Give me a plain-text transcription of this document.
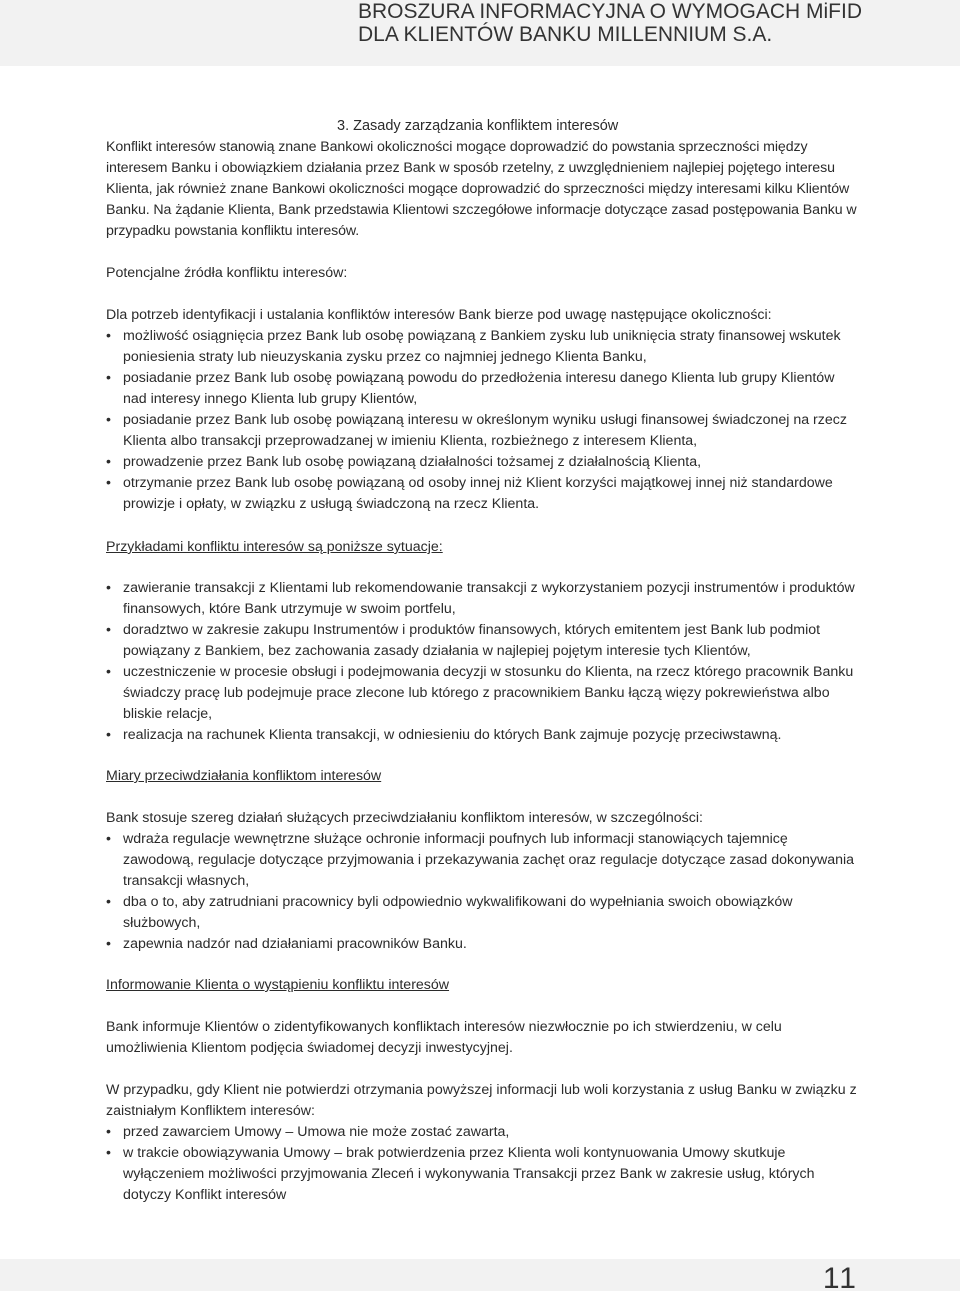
BROSZURA INFORMACYJNA O WYMOGACH MiFID
DLA KLIENTÓW BANKU MILLENNIUM S.A.
3. Zasady zarządzania konfliktem interesów

Konflikt interesów stanowią znane Bankowi okoliczności mogące doprowadzić do powstania sprzeczności między interesem Banku i obowiązkiem działania przez Bank w sposób rzetelny, z uwzględnieniem najlepiej pojętego interesu Klienta, jak również znane Bankowi okoliczności mogące doprowadzić do sprzeczności między interesami kilku Klientów Banku. Na żądanie Klienta, Bank przedstawia Klientowi szczegółowe informacje dotyczące zasad postępowania Banku w przypadku powstania konfliktu interesów.

Potencjalne źródła konfliktu interesów:

Dla potrzeb identyfikacji i ustalania konfliktów interesów Bank bierze pod uwagę następujące okoliczności:

• możliwość osiągnięcia przez Bank lub osobę powiązaną z Bankiem zysku lub uniknięcia straty finansowej wskutek poniesienia straty lub nieuzyskania zysku przez co najmniej jednego Klienta Banku,
• posiadanie przez Bank lub osobę powiązaną powodu do przedłożenia interesu danego Klienta lub grupy Klientów nad interesy innego Klienta lub grupy Klientów,
• posiadanie przez Bank lub osobę powiązaną interesu w określonym wyniku usługi finansowej świadczonej na rzecz Klienta albo transakcji przeprowadzanej w imieniu Klienta, rozbieżnego z interesem Klienta,
• prowadzenie przez Bank lub osobę powiązaną działalności tożsamej z działalnością Klienta,
• otrzymanie przez Bank lub osobę powiązaną od osoby innej niż Klient korzyści majątkowej innej niż standardowe prowizje i opłaty, w związku z usługą świadczoną na rzecz Klienta.
Przykładami konfliktu interesów są poniższe sytuacje:
• zawieranie transakcji z Klientami lub rekomendowanie transakcji z wykorzystaniem pozycji instrumentów i produktów finansowych, które Bank utrzymuje w swoim portfelu,
• doradztwo w zakresie zakupu Instrumentów i produktów finansowych, których emitentem jest Bank lub podmiot powiązany z Bankiem, bez zachowania zasady działania w najlepiej pojętym interesie tych Klientów,
• uczestniczenie w procesie obsługi i podejmowania decyzji w stosunku do Klienta, na rzecz którego pracownik Banku świadczy pracę lub podejmuje prace zlecone lub którego z pracownikiem Banku łączą więzy pokrewieństwa albo bliskie relacje,
• realizacja na rachunek Klienta transakcji, w odniesieniu do których Bank zajmuje pozycję przeciwstawną.
Miary przeciwdziałania konfliktom interesów

Bank stosuje szereg działań służących przeciwdziałaniu konfliktom interesów, w szczególności:

• wdraża regulacje wewnętrzne służące ochronie informacji poufnych lub informacji stanowiących tajemnicę zawodową, regulacje dotyczące przyjmowania i przekazywania zachęt oraz regulacje dotyczące zasad dokonywania transakcji własnych,
• dba o to, aby zatrudniani pracownicy byli odpowiednio wykwalifikowani do wypełniania swoich obowiązków służbowych,
• zapewnia nadzór nad działaniami pracowników Banku.
Informowanie Klienta o wystąpieniu konfliktu interesów

Bank informuje Klientów o zidentyfikowanych konfliktach interesów niezwłocznie po ich stwierdzeniu, w celu umożliwienia Klientom podjęcia świadomej decyzji inwestycyjnej.

W przypadku, gdy Klient nie potwierdzi otrzymania powyższej informacji lub woli korzystania z usług Banku w związku z zaistniałym Konfliktem interesów:

• przed zawarciem Umowy – Umowa nie może zostać zawarta,
• w trakcie obowiązywania Umowy – brak potwierdzenia przez Klienta woli kontynuowania Umowy skutkuje wyłączeniem możliwości przyjmowania Zleceń i wykonywania Transakcji przez Bank w zakresie usług, których dotyczy Konflikt interesów
11
